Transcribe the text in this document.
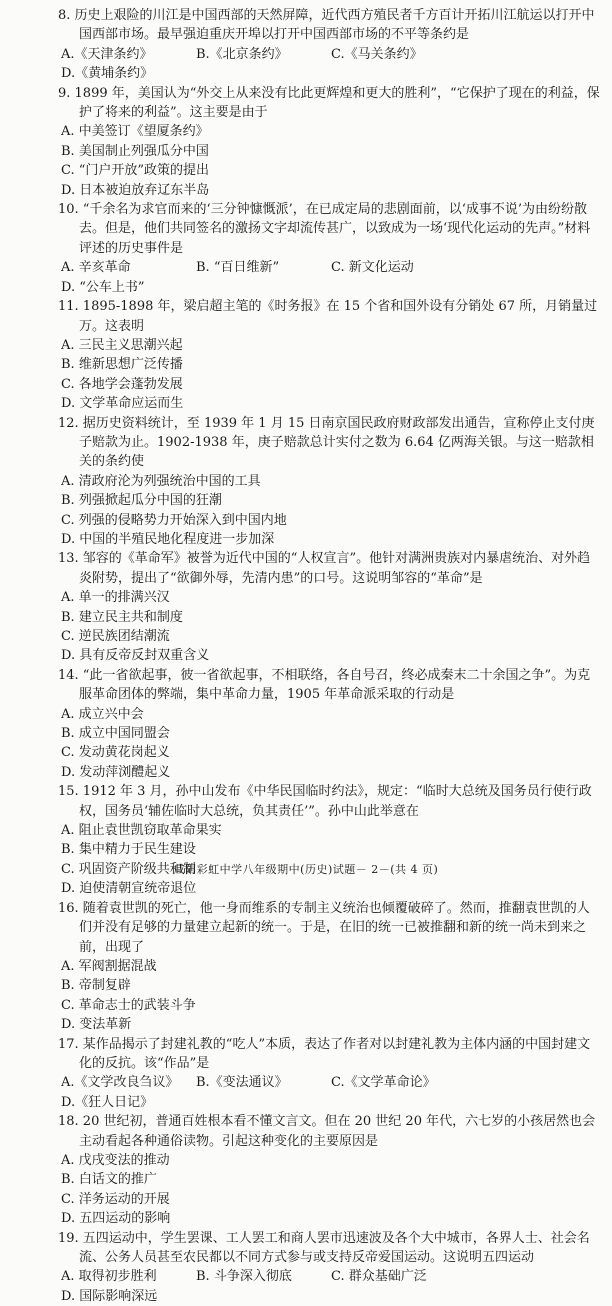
8. 历史上艰险的川江是中国西部的天然屏障，近代西方殖民者千方百计开拓川江航运以打开中国西部市场。最早强迫重庆开埠以打开中国西部市场的不平等条约是
A.《天津条约》	B.《北京条约》	C.《马关条约》
D.《黄埔条约》
9. 1899 年，美国认为“外交上从来没有比此更辉煌和更大的胜利”，“它保护了现在的利益，保护了将来的利益”。这主要是由于
A. 中美签订《望厦条约》
B. 美国制止列强瓜分中国
C. “门户开放”政策的提出
D. 日本被迫放弃辽东半岛
10. “千余名为求官而来的‘三分钟慷慨派’，在已成定局的悲剧面前，以‘成事不说’为由纷纷散去。但是，他们共同签名的激扬文字却流传甚广，以致成为一场‘现代化运动的先声。”材料评述的历史事件是
A. 辛亥革命	B. “百日维新”	C. 新文化运动
D. “公车上书”
11. 1895-1898 年，梁启超主笔的《时务报》在 15 个省和国外设有分销处 67 所，月销量过万。这表明
A. 三民主义思潮兴起
B. 维新思想广泛传播
C. 各地学会蓬勃发展
D. 文学革命应运而生
12. 据历史资料统计，至 1939 年 1 月 15 日南京国民政府财政部发出通告，宣称停止支付庚子赔款为止。1902-1938 年，庚子赔款总计实付之数为 6.64 亿两海关银。与这一赔款相关的条约使
A. 清政府沦为列强统治中国的工具
B. 列强掀起瓜分中国的狂潮
C. 列强的侵略势力开始深入到中国内地
D. 中国的半殖民地化程度进一步加深
13. 邹容的《革命军》被誉为近代中国的“人权宣言”。他针对满洲贵族对内暴虐统治、对外趋炎附势，提出了“欲御外辱，先清内患”的口号。这说明邹容的“革命”是
A. 单一的排满兴汉
B. 建立民主共和制度
C. 逆民族团结潮流
D. 具有反帝反封双重含义
14. “此一省欲起事，彼一省欲起事，不相联络，各自号召，终必成秦末二十余国之争”。为克服革命团体的弊端，集中革命力量，1905 年革命派采取的行动是
A. 成立兴中会
B. 成立中国同盟会
C. 发动黄花岗起义
D. 发动萍浏醴起义
15. 1912 年 3 月，孙中山发布《中华民国临时约法》，规定：“临时大总统及国务员行使行政权，国务员‘辅佐临时大总统，负其责任’”。孙中山此举意在
A. 阻止袁世凯窃取革命果实
B. 集中精力于民生建设
C. 巩固资产阶级共和制
D. 迫使清朝宣统帝退位
16. 随着袁世凯的死亡，他一身而维系的专制主义统治也倾覆破碎了。然而，推翻袁世凯的人们并没有足够的力量建立起新的统一。于是，在旧的统一已被推翻和新的统一尚未到来之前，出现了
A. 军阀割据混战
B. 帝制复辟
C. 革命志士的武装斗争
D. 变法革新
17. 某作品揭示了封建礼教的“吃人”本质，表达了作者对以封建礼教为主体内涵的中国封建文化的反抗。该“作品”是
A.《文学改良刍议》	B.《变法通议》	C.《文学革命论》
D.《狂人日记》
18. 20 世纪初，普通百姓根本看不懂文言文。但在 20 世纪 20 年代，六七岁的小孩居然也会主动看起各种通俗读物。引起这种变化的主要原因是
A. 戊戌变法的推动
B. 白话文的推广
C. 洋务运动的开展
D. 五四运动的影响
19. 五四运动中，学生罢课、工人罢工和商人罢市迅速波及各个大中城市，各界人士、社会名流、公务人员甚至农民都以不同方式参与或支持反帝爱国运动。这说明五四运动
A. 取得初步胜利	B. 斗争深入彻底	C. 群众基础广泛
D. 国际影响深远
咸阳彩虹中学八年级期中(历史)试题－ 2－(共 4 页)
